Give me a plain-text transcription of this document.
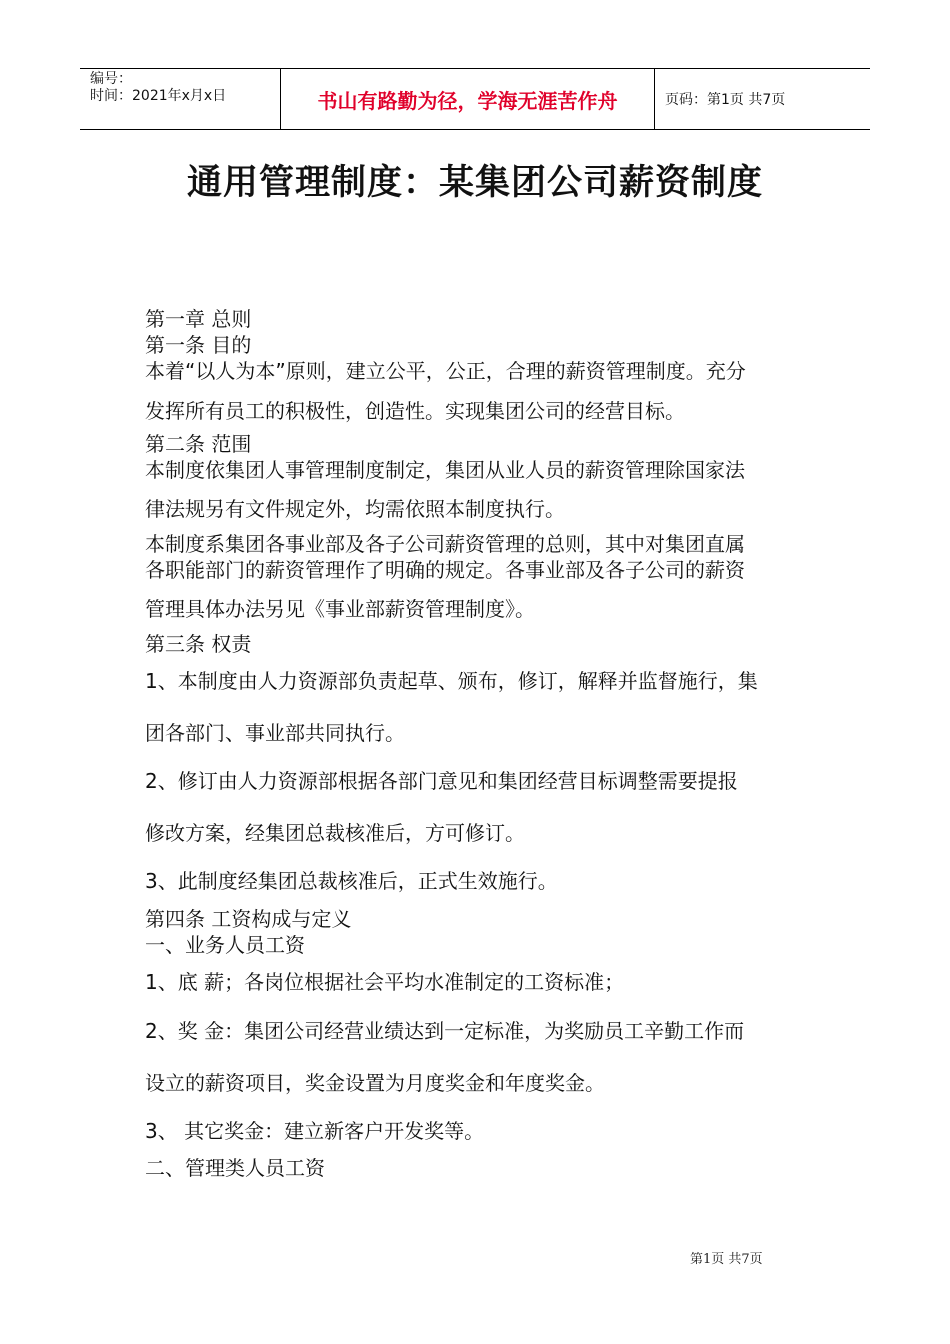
编号：
时间：2021年x月x日	书山有路勤为径，学海无涯苦作舟	页码：第1页 共7页
通用管理制度：某集团公司薪资制度
第一章 总则
第一条 目的
本着“以人为本”原则，建立公平，公正，合理的薪资管理制度。充分
发挥所有员工的积极性，创造性。实现集团公司的经营目标。
第二条 范围
本制度依集团人事管理制度制定，集团从业人员的薪资管理除国家法
律法规另有文件规定外，均需依照本制度执行。
本制度系集团各事业部及各子公司薪资管理的总则，其中对集团直属
各职能部门的薪资管理作了明确的规定。各事业部及各子公司的薪资
管理具体办法另见《事业部薪资管理制度》。
第三条 权责
1、本制度由人力资源部负责起草、颁布，修订，解释并监督施行，集
团各部门、事业部共同执行。
2、修订由人力资源部根据各部门意见和集团经营目标调整需要提报
修改方案，经集团总裁核准后，方可修订。
3、此制度经集团总裁核准后，正式生效施行。
第四条 工资构成与定义
一、业务人员工资
1、底 薪；各岗位根据社会平均水准制定的工资标准；
2、奖 金：集团公司经营业绩达到一定标准，为奖励员工辛勤工作而
设立的薪资项目，奖金设置为月度奖金和年度奖金。
3、 其它奖金：建立新客户开发奖等。
二、管理类人员工资
第1页 共7页
